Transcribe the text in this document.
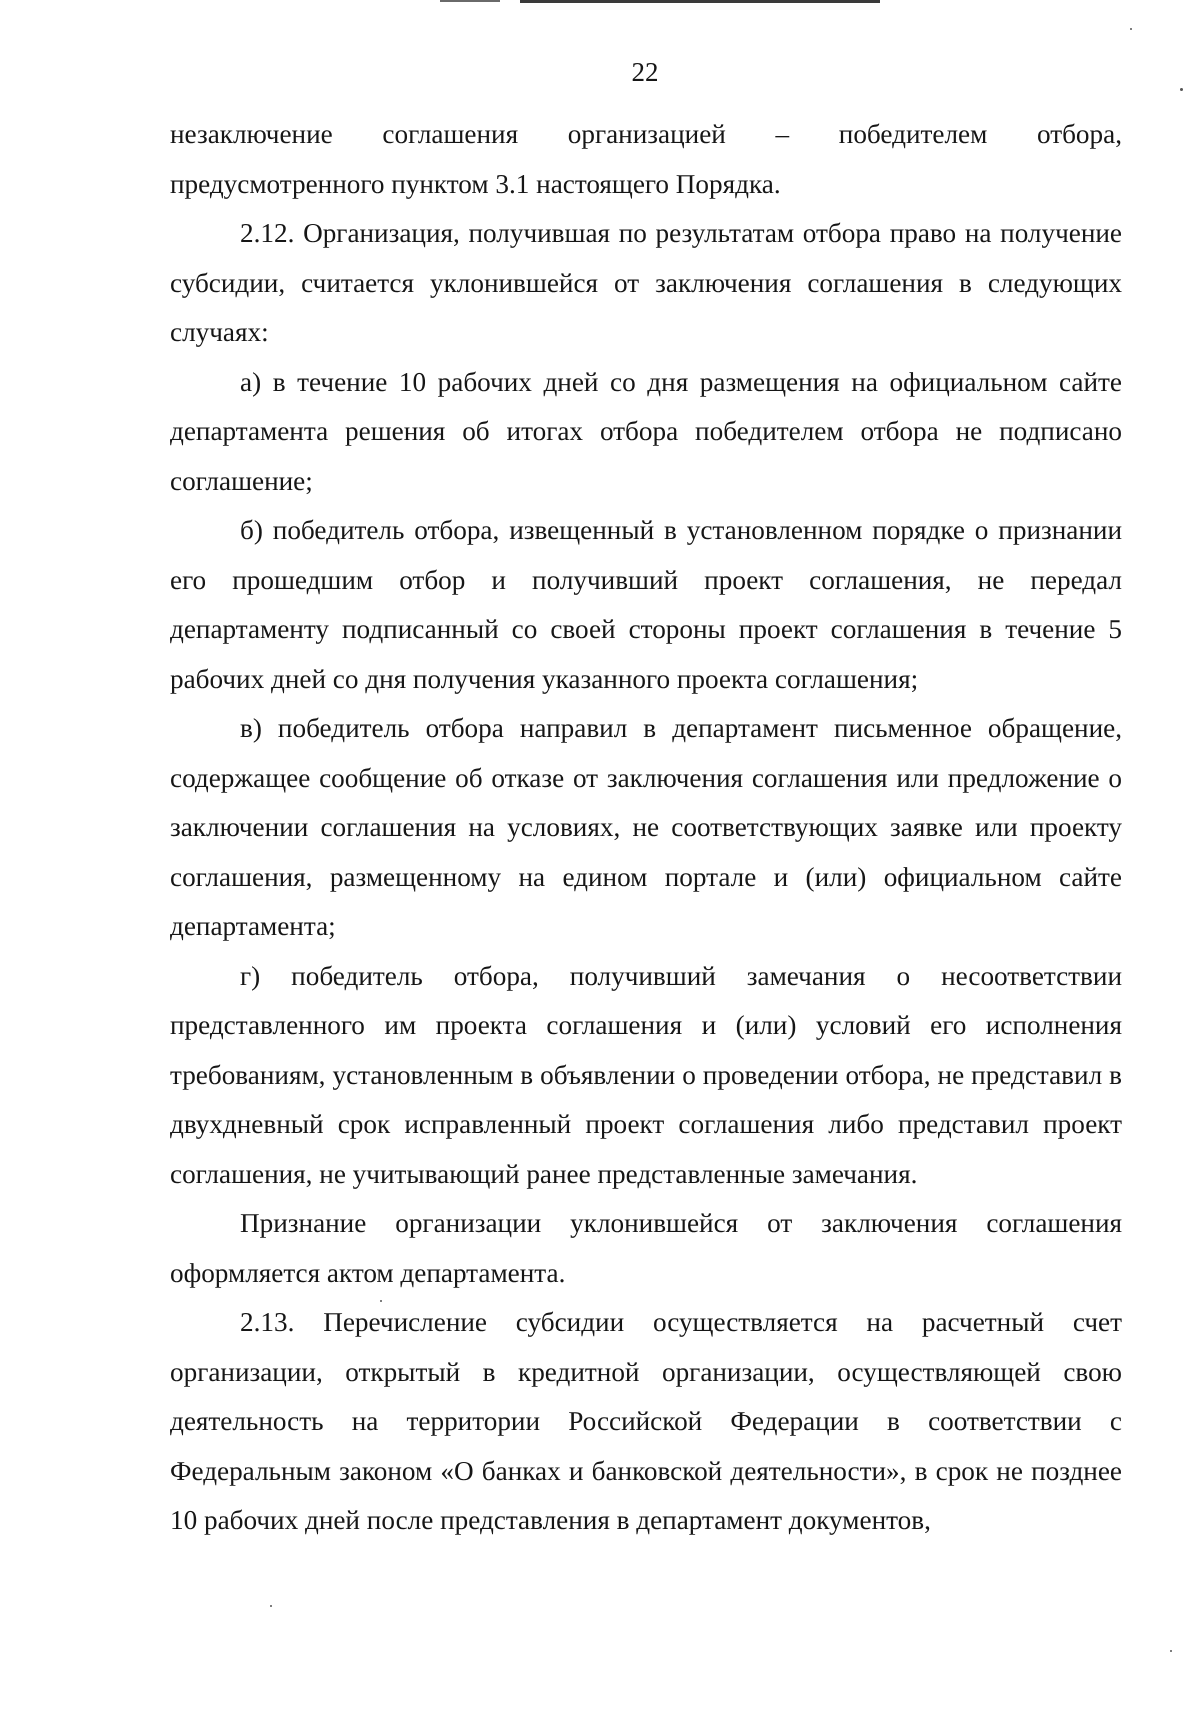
22

незаключение соглашения организацией – победителем отбора, предусмотренного пунктом 3.1 настоящего Порядка.

2.12. Организация, получившая по результатам отбора право на получение субсидии, считается уклонившейся от заключения соглашения в следующих случаях:

а) в течение 10 рабочих дней со дня размещения на официальном сайте департамента решения об итогах отбора победителем отбора не подписано соглашение;

б) победитель отбора, извещенный в установленном порядке о признании его прошедшим отбор и получивший проект соглашения, не передал департаменту подписанный со своей стороны проект соглашения в течение 5 рабочих дней со дня получения указанного проекта соглашения;

в) победитель отбора направил в департамент письменное обращение, содержащее сообщение об отказе от заключения соглашения или предложение о заключении соглашения на условиях, не соответствующих заявке или проекту соглашения, размещенному на едином портале и (или) официальном сайте департамента;

г) победитель отбора, получивший замечания о несоответствии представленного им проекта соглашения и (или) условий его исполнения требованиям, установленным в объявлении о проведении отбора, не представил в двухдневный срок исправленный проект соглашения либо представил проект соглашения, не учитывающий ранее представленные замечания.

Признание организации уклонившейся от заключения соглашения оформляется актом департамента.

2.13. Перечисление субсидии осуществляется на расчетный счет организации, открытый в кредитной организации, осуществляющей свою деятельность на территории Российской Федерации в соответствии с Федеральным законом «О банках и банковской деятельности», в срок не позднее 10 рабочих дней после представления в департамент документов,
